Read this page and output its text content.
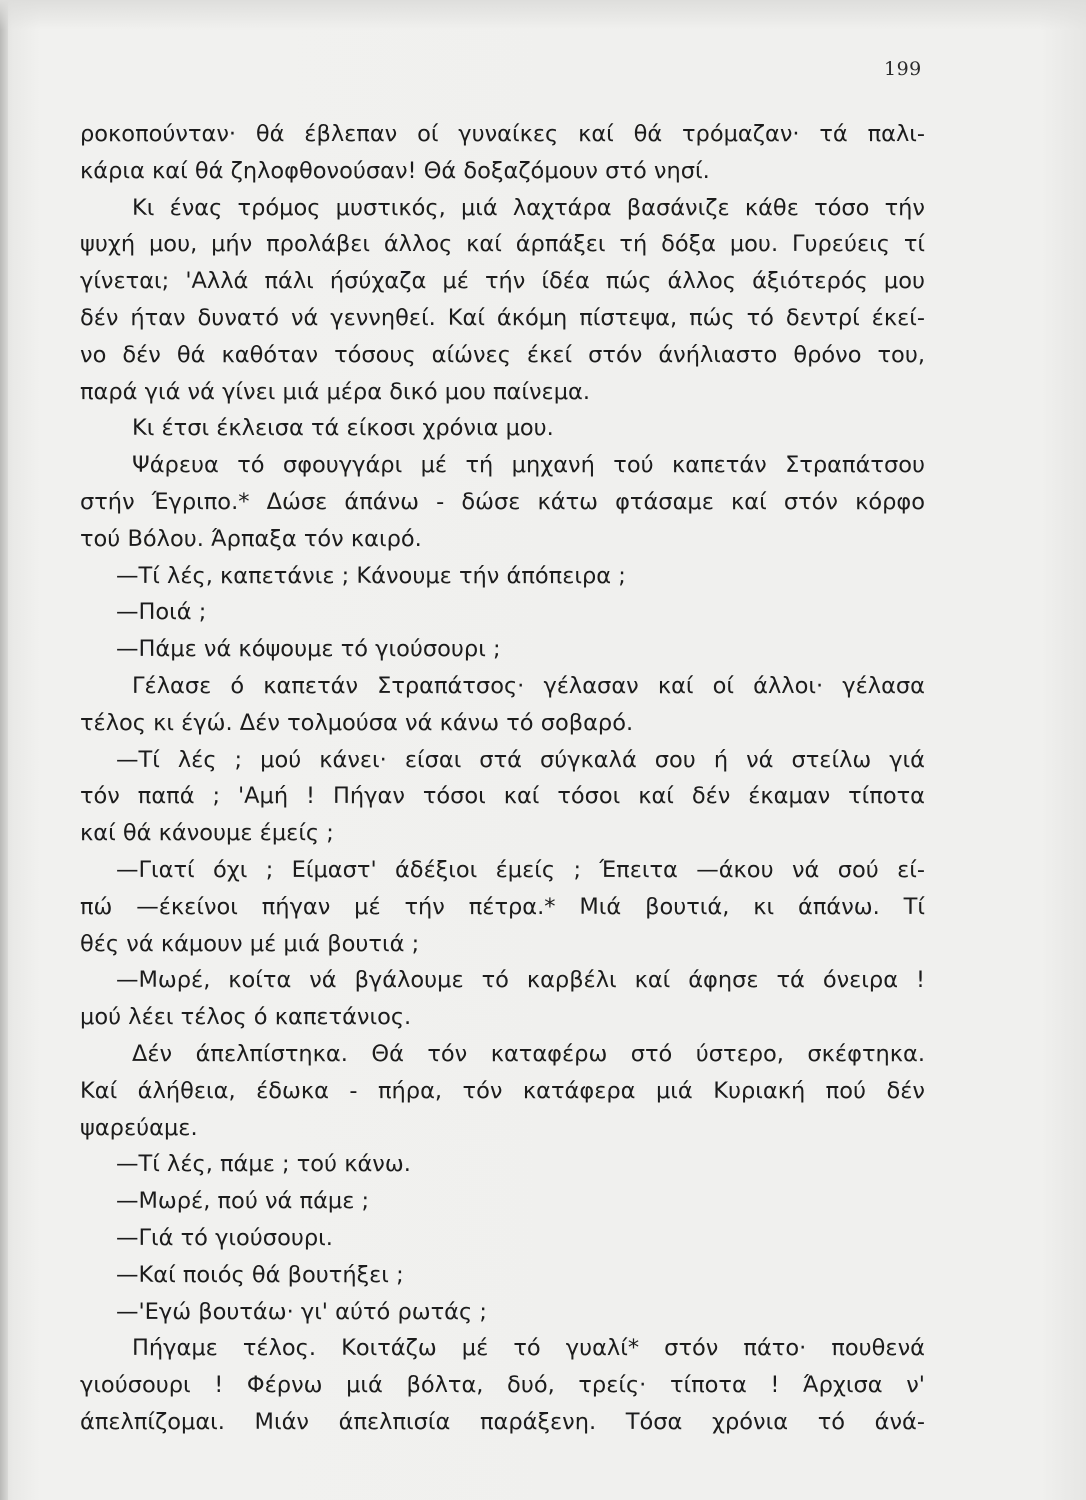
199
ροκοπούνταν· θά έβλεπαν οί γυναίκες καί θά τρόμαζαν· τά παλι-
κάρια καί θά ζηλοφθονούσαν! Θά δοξαζόμουν στό νησί.
Κι ένας τρόμος μυστικός, μιά λαχτάρα βασάνιζε κάθε τόσο τήν
ψυχή μου, μήν προλάβει άλλος καί άρπάξει τή δόξα μου. Γυρεύεις τί
γίνεται; 'Αλλά πάλι ήσύχαζα μέ τήν ίδέα πώς άλλος άξιότερός μου
δέν ήταν δυνατό νά γεννηθεί. Καί άκόμη πίστεψα, πώς τό δεντρί έκεί-
νο δέν θά καθόταν τόσους αίώνες έκεί στόν άνήλιαστο θρόνο του,
παρά γιά νά γίνει μιά μέρα δικό μου παίνεμα.
Κι έτσι έκλεισα τά είκοσι χρόνια μου.
Ψάρευα τό σφουγγάρι μέ τή μηχανή τού καπετάν Στραπάτσου
στήν Έγριπο.* Δώσε άπάνω - δώσε κάτω φτάσαμε καί στόν κόρφο
τού Βόλου. Άρπαξα τόν καιρό.
—Τί λές, καπετάνιε ; Κάνουμε τήν άπόπειρα ;
—Ποιά ;
—Πάμε νά κόψουμε τό γιούσουρι ;
Γέλασε ό καπετάν Στραπάτσος· γέλασαν καί οί άλλοι· γέλασα
τέλος κι έγώ. Δέν τολμούσα νά κάνω τό σοβαρό.
—Τί λές ; μού κάνει· είσαι στά σύγκαλά σου ή νά στείλω γιά
τόν παπά ; 'Αμή ! Πήγαν τόσοι καί τόσοι καί δέν έκαμαν τίποτα
καί θά κάνουμε έμείς ;
—Γιατί όχι ; Είμαστ' άδέξιοι έμείς ; Έπειτα —άκου νά σού εί-
πώ —έκείνοι πήγαν μέ τήν πέτρα.* Μιά βουτιά, κι άπάνω. Τί
θές νά κάμουν μέ μιά βουτιά ;
—Μωρέ, κοίτα νά βγάλουμε τό καρβέλι καί άφησε τά όνειρα !
μού λέει τέλος ό καπετάνιος.
Δέν άπελπίστηκα. Θά τόν καταφέρω στό ύστερο, σκέφτηκα.
Καί άλήθεια, έδωκα - πήρα, τόν κατάφερα μιά Κυριακή πού δέν
ψαρεύαμε.
—Τί λές, πάμε ; τού κάνω.
—Μωρέ, πού νά πάμε ;
—Γιά τό γιούσουρι.
—Καί ποιός θά βουτήξει ;
—'Εγώ βουτάω· γι' αύτό ρωτάς ;
Πήγαμε τέλος. Κοιτάζω μέ τό γυαλί* στόν πάτο· πουθενά
γιούσουρι ! Φέρνω μιά βόλτα, δυό, τρείς· τίποτα ! Άρχισα ν'
άπελπίζομαι. Μιάν άπελπισία παράξενη. Τόσα χρόνια τό άνά-
